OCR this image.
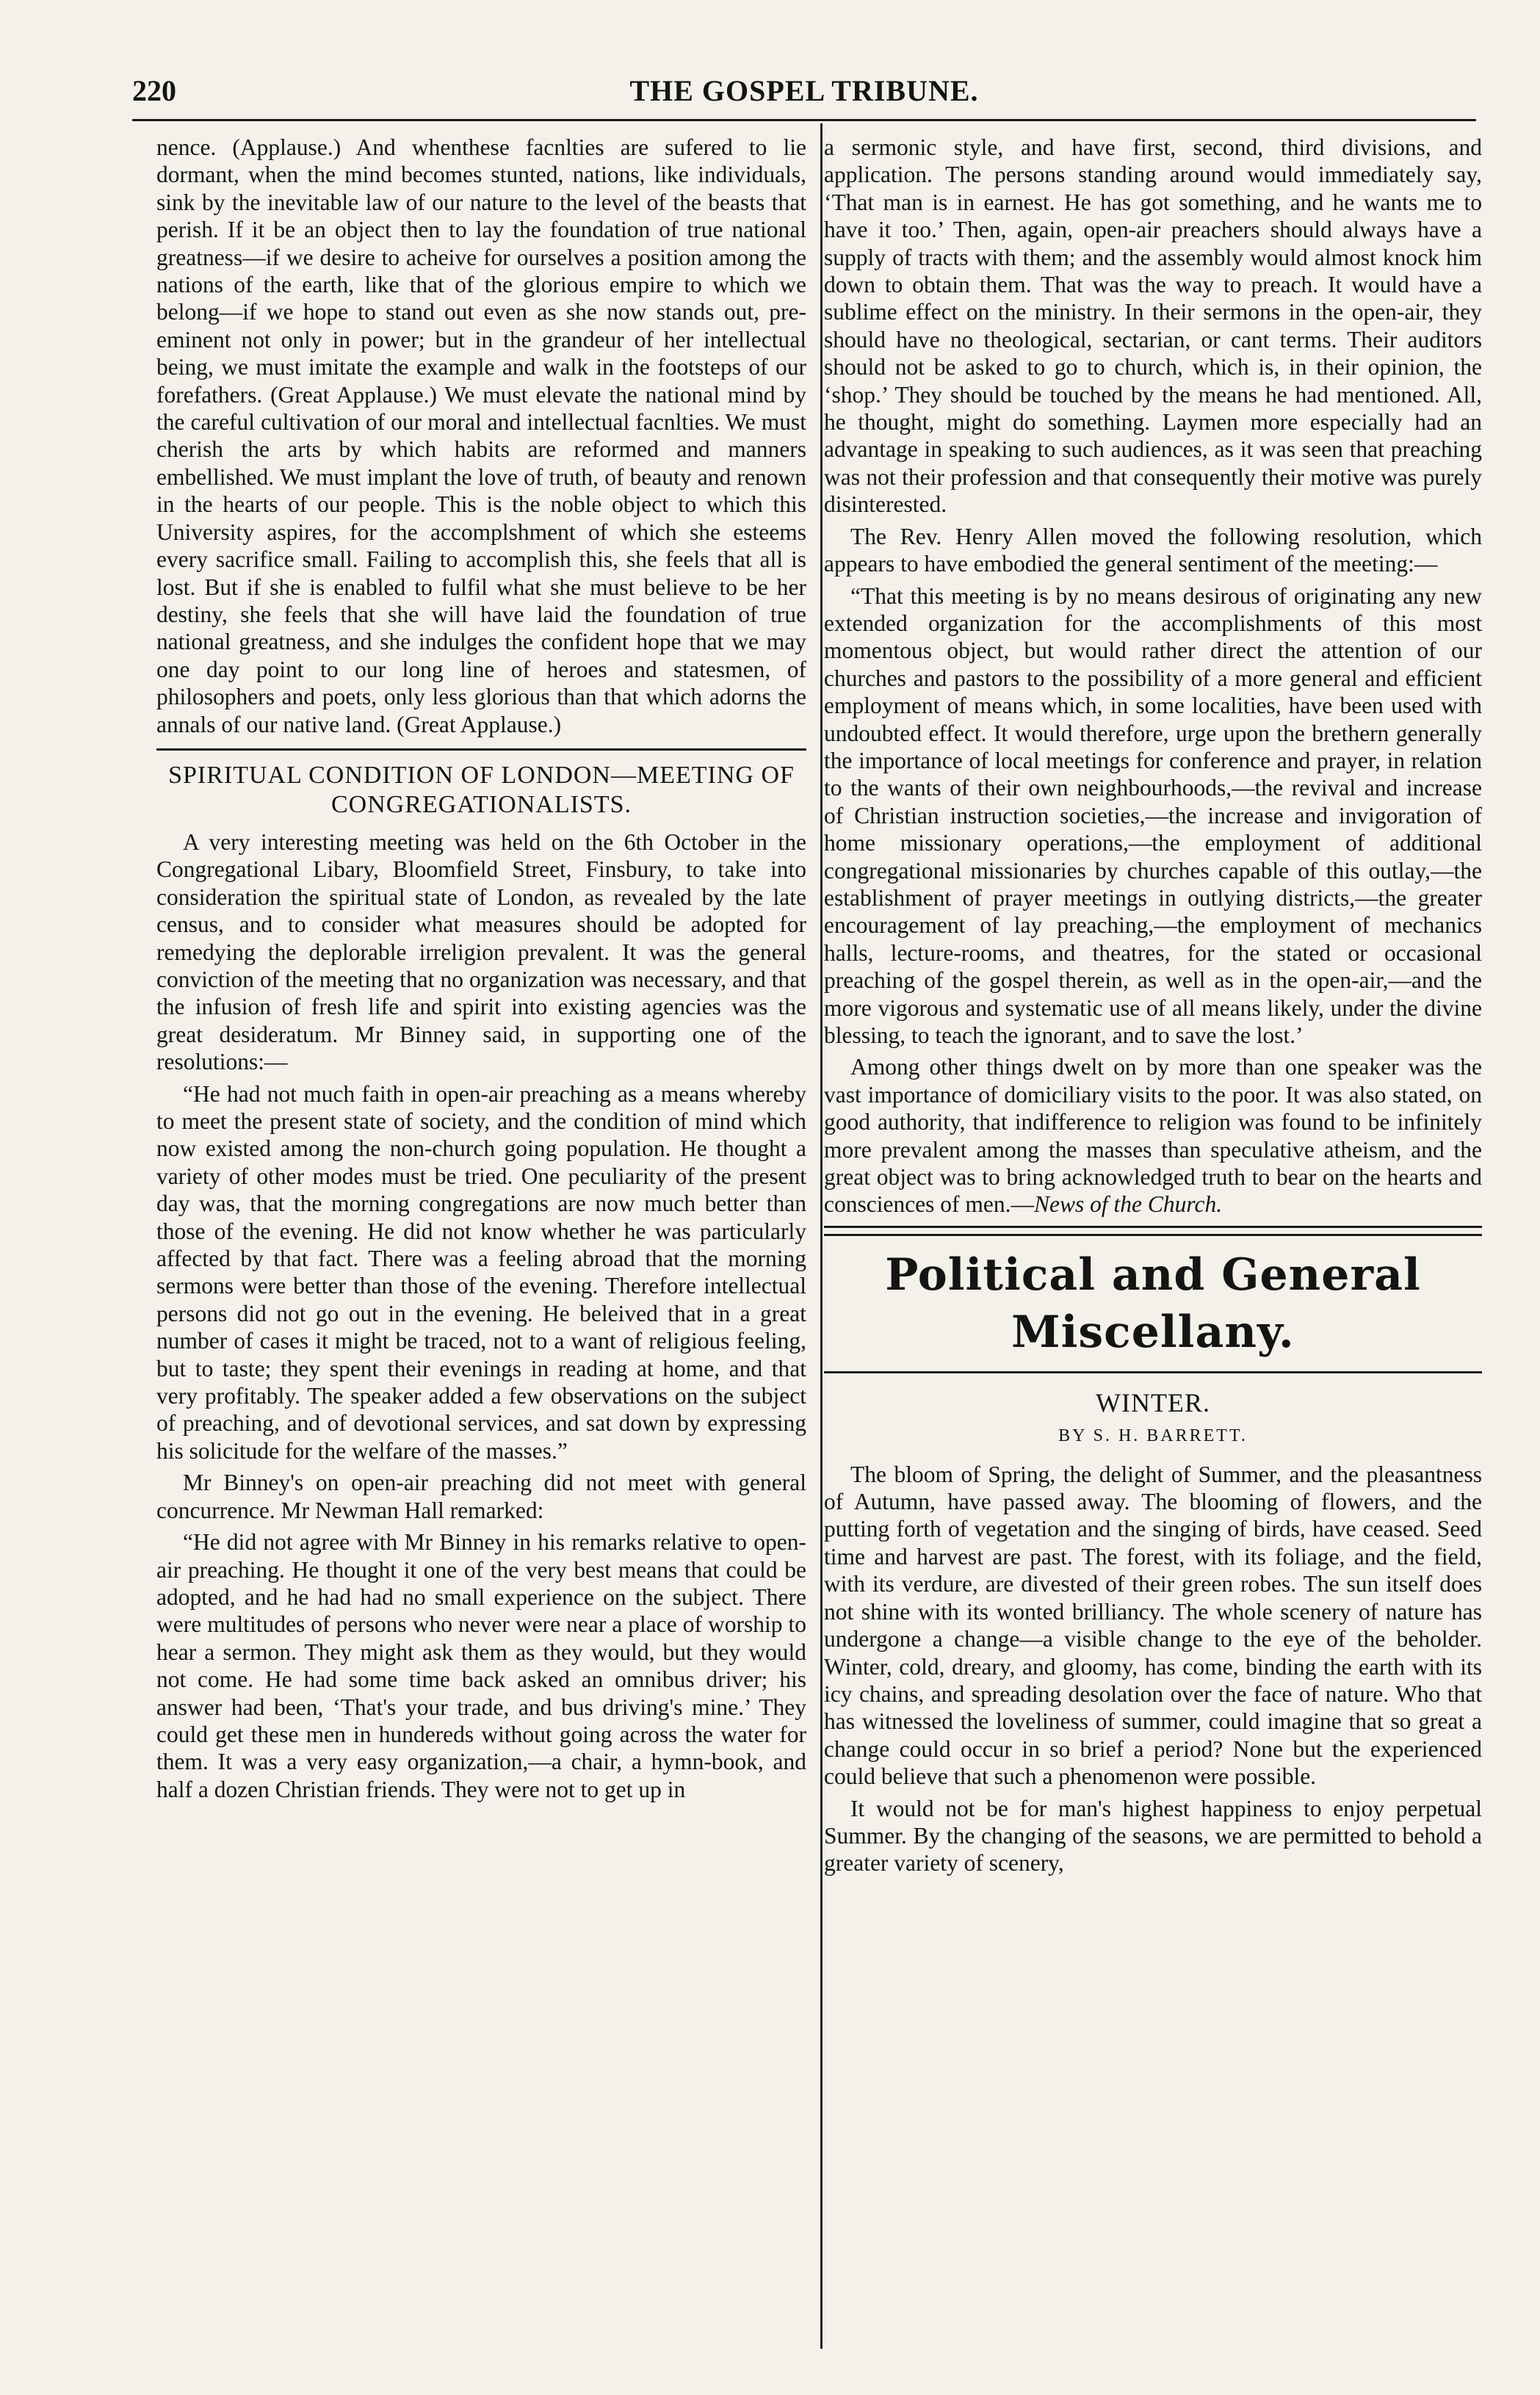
220	THE GOSPEL TRIBUNE.

nence. (Applause.) And whenthese facnlties are sufered to lie dormant, when the mind becomes stunted, nations, like individuals, sink by the inevitable law of our nature to the level of the beasts that perish. If it be an object then to lay the foundation of true national greatness—if we desire to acheive for ourselves a position among the nations of the earth, like that of the glorious empire to which we belong—if we hope to stand out even as she now stands out, pre-eminent not only in power; but in the grandeur of her intellectual being, we must imitate the example and walk in the footsteps of our forefathers. (Great Applause.) We must elevate the national mind by the careful cultivation of our moral and intellectual facnlties. We must cherish the arts by which habits are reformed and manners embellished. We must implant the love of truth, of beauty and renown in the hearts of our people. This is the noble object to which this University aspires, for the accomplshment of which she esteems every sacrifice small. Failing to accomplish this, she feels that all is lost. But if she is enabled to fulfil what she must believe to be her destiny, she feels that she will have laid the foundation of true national greatness, and she indulges the confident hope that we may one day point to our long line of heroes and statesmen, of philosophers and poets, only less glorious than that which adorns the annals of our native land. (Great Applause.)

SPIRITUAL CONDITION OF LONDON—MEETING OF CONGREGATIONALISTS.

A very interesting meeting was held on the 6th October in the Congregational Libary, Bloomfield Street, Finsbury, to take into consideration the spiritual state of London, as revealed by the late census, and to consider what measures should be adopted for remedying the deplorable irreligion prevalent. It was the general conviction of the meeting that no organization was necessary, and that the infusion of fresh life and spirit into existing agencies was the great desideratum. Mr Binney said, in supporting one of the resolutions:—

“He had not much faith in open-air preaching as a means whereby to meet the present state of society, and the condition of mind which now existed among the non-church going population. He thought a variety of other modes must be tried. One peculiarity of the present day was, that the morning congregations are now much better than those of the evening. He did not know whether he was particularly affected by that fact. There was a feeling abroad that the morning sermons were better than those of the evening. Therefore intellectual persons did not go out in the evening. He beleived that in a great number of cases it might be traced, not to a want of religious feeling, but to taste; they spent their evenings in reading at home, and that very profitably. The speaker added a few observations on the subject of preaching, and of devotional services, and sat down by expressing his solicitude for the welfare of the masses.”

Mr Binney's on open-air preaching did not meet with general concurrence. Mr Newman Hall remarked:

“He did not agree with Mr Binney in his remarks relative to open-air preaching. He thought it one of the very best means that could be adopted, and he had had no small experience on the subject. There were multitudes of persons who never were near a place of worship to hear a sermon. They might ask them as they would, but they would not come. He had some time back asked an omnibus driver; his answer had been, ‘That's your trade, and bus driving's mine.’ They could get these men in hundereds without going across the water for them. It was a very easy organization,—a chair, a hymn-book, and half a dozen Christian friends. They were not to get up in

a sermonic style, and have first, second, third divisions, and application. The persons standing around would immediately say, ‘That man is in earnest. He has got something, and he wants me to have it too.’ Then, again, open-air preachers should always have a supply of tracts with them; and the assembly would almost knock him down to obtain them. That was the way to preach. It would have a sublime effect on the ministry. In their sermons in the open-air, they should have no theological, sectarian, or cant terms. Their auditors should not be asked to go to church, which is, in their opinion, the ‘shop.’ They should be touched by the means he had mentioned. All, he thought, might do something. Laymen more especially had an advantage in speaking to such audiences, as it was seen that preaching was not their profession and that consequently their motive was purely disinterested.

The Rev. Henry Allen moved the following resolution, which appears to have embodied the general sentiment of the meeting:—

“That this meeting is by no means desirous of originating any new extended organization for the accomplishments of this most momentous object, but would rather direct the attention of our churches and pastors to the possibility of a more general and efficient employment of means which, in some localities, have been used with undoubted effect. It would therefore, urge upon the brethern generally the importance of local meetings for conference and prayer, in relation to the wants of their own neighbourhoods,—the revival and increase of Christian instruction societies,—the increase and invigoration of home missionary operations,—the employment of additional congregational missionaries by churches capable of this outlay,—the establishment of prayer meetings in outlying districts,—the greater encouragement of lay preaching,—the employment of mechanics halls, lecture-rooms, and theatres, for the stated or occasional preaching of the gospel therein, as well as in the open-air,—and the more vigorous and systematic use of all means likely, under the divine blessing, to teach the ignorant, and to save the lost.’

Among other things dwelt on by more than one speaker was the vast importance of domiciliary visits to the poor. It was also stated, on good authority, that indifference to religion was found to be infinitely more prevalent among the masses than speculative atheism, and the great object was to bring acknowledged truth to bear on the hearts and consciences of men.—News of the Church.

Political and General Miscellany.
WINTER.
BY S. H. BARRETT.

The bloom of Spring, the delight of Summer, and the pleasantness of Autumn, have passed away. The blooming of flowers, and the putting forth of vegetation and the singing of birds, have ceased. Seed time and harvest are past. The forest, with its foliage, and the field, with its verdure, are divested of their green robes. The sun itself does not shine with its wonted brilliancy. The whole scenery of nature has undergone a change—a visible change to the eye of the beholder. Winter, cold, dreary, and gloomy, has come, binding the earth with its icy chains, and spreading desolation over the face of nature. Who that has witnessed the loveliness of summer, could imagine that so great a change could occur in so brief a period? None but the experienced could believe that such a phenomenon were possible.

It would not be for man's highest happiness to enjoy perpetual Summer. By the changing of the seasons, we are permitted to behold a greater variety of scenery,
